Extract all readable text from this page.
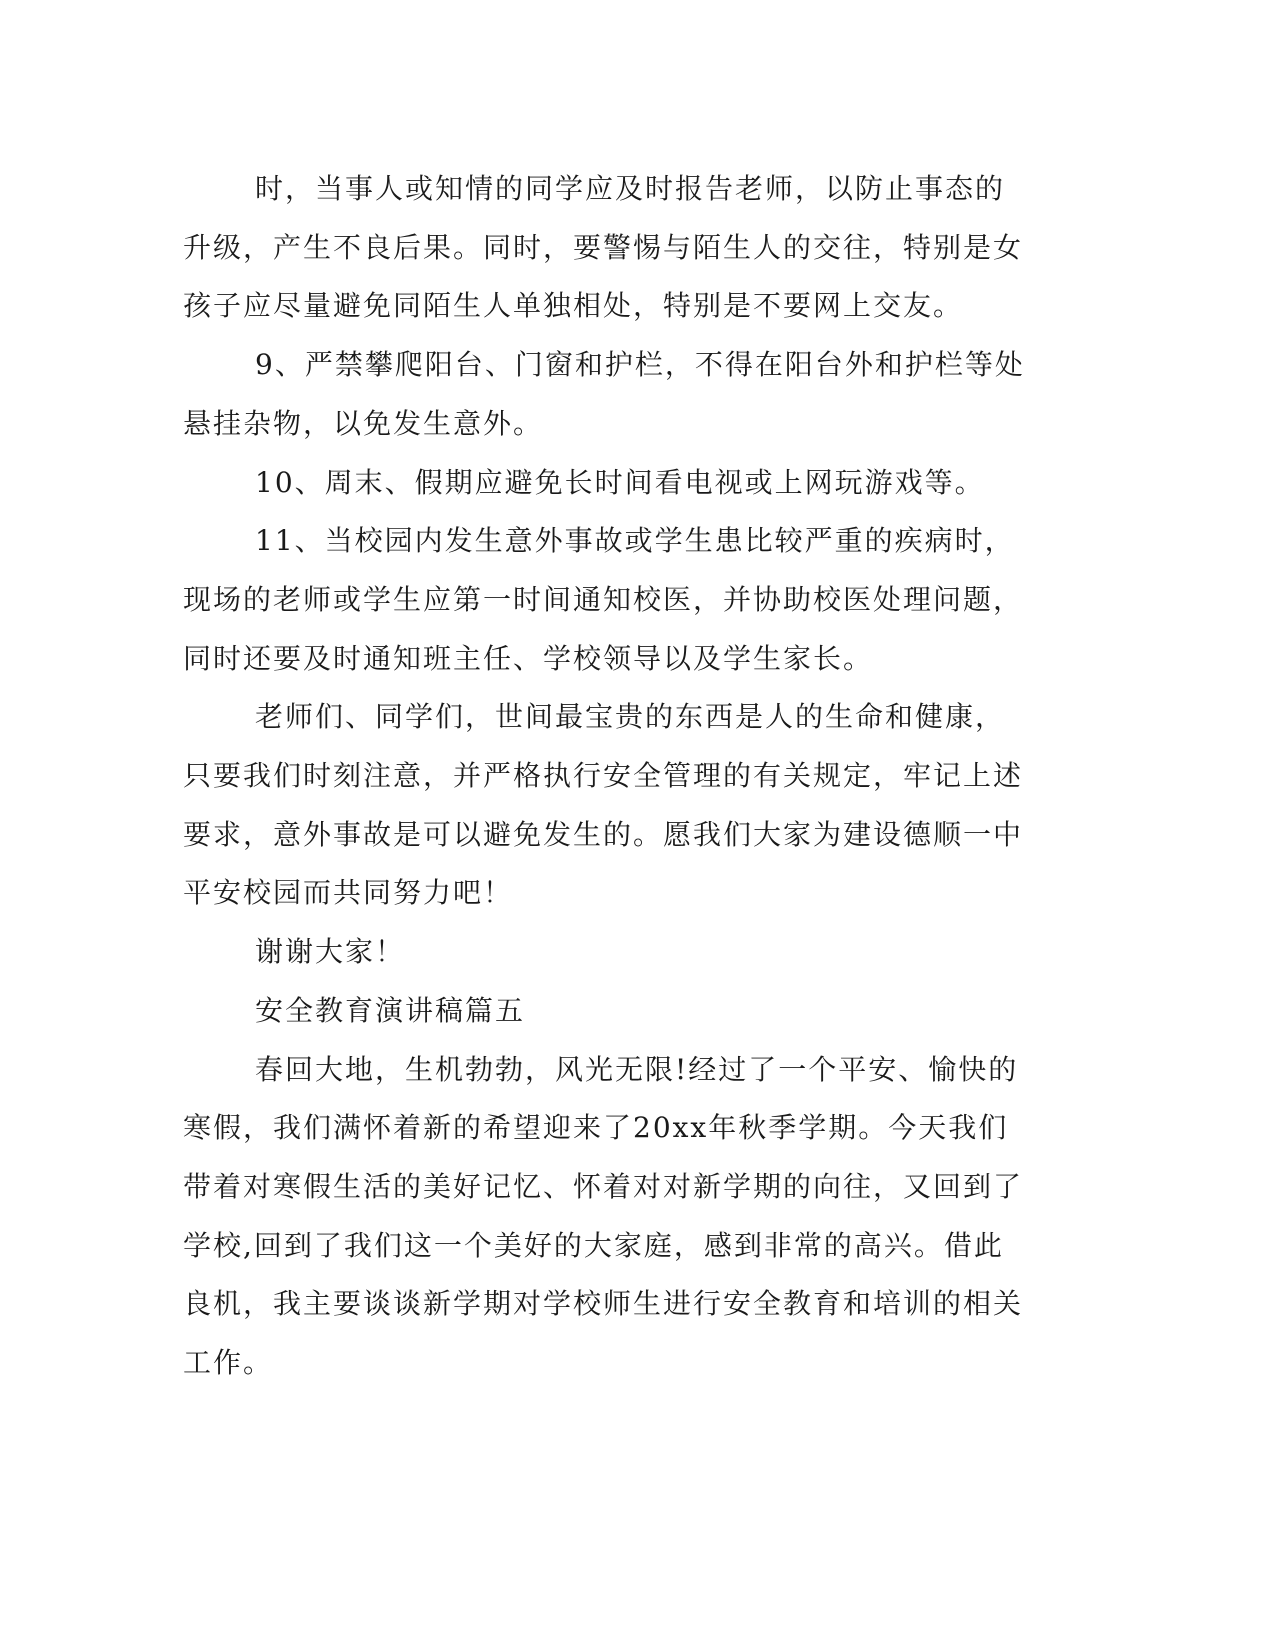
时，当事人或知情的同学应及时报告老师，以防止事态的升级，产生不良后果。同时，要警惕与陌生人的交往，特别是女孩子应尽量避免同陌生人单独相处，特别是不要网上交友。

9、严禁攀爬阳台、门窗和护栏，不得在阳台外和护栏等处悬挂杂物，以免发生意外。

10、周末、假期应避免长时间看电视或上网玩游戏等。

11、当校园内发生意外事故或学生患比较严重的疾病时，现场的老师或学生应第一时间通知校医，并协助校医处理问题，同时还要及时通知班主任、学校领导以及学生家长。

老师们、同学们，世间最宝贵的东西是人的生命和健康，只要我们时刻注意，并严格执行安全管理的有关规定，牢记上述要求，意外事故是可以避免发生的。愿我们大家为建设德顺一中平安校园而共同努力吧！

谢谢大家！

安全教育演讲稿篇五

春回大地，生机勃勃，风光无限!经过了一个平安、愉快的寒假，我们满怀着新的希望迎来了20xx年秋季学期。今天我们带着对寒假生活的美好记忆、怀着对对新学期的向往，又回到了学校,回到了我们这一个美好的大家庭，感到非常的高兴。借此良机，我主要谈谈新学期对学校师生进行安全教育和培训的相关工作。
